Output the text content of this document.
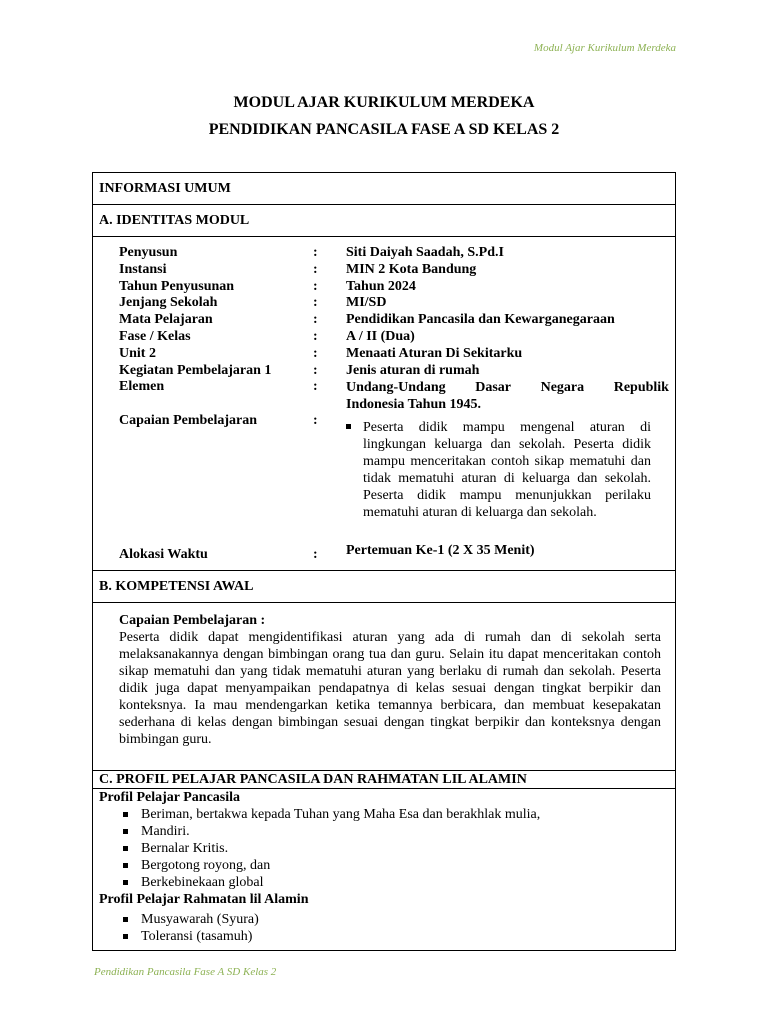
Modul Ajar Kurikulum Merdeka
MODUL AJAR KURIKULUM MERDEKA
PENDIDIKAN PANCASILA FASE A SD KELAS 2
INFORMASI UMUM
A. IDENTITAS MODUL
Penyusun	: Siti Daiyah Saadah, S.Pd.I
Instansi	: MIN 2 Kota Bandung
Tahun Penyusunan	: Tahun 2024
Jenjang Sekolah	: MI/SD
Mata Pelajaran	: Pendidikan Pancasila dan Kewarganegaraan
Fase / Kelas	: A / II (Dua)
Unit 2	: Menaati Aturan Di Sekitarku
Kegiatan Pembelajaran 1	: Jenis aturan di rumah
Elemen	: Undang-Undang Dasar Negara Republik
Indonesia Tahun 1945.
Capaian Pembelajaran	:	Peserta didik mampu mengenal aturan di lingkungan keluarga dan sekolah. Peserta didik mampu menceritakan contoh sikap mematuhi dan tidak mematuhi aturan di keluarga dan sekolah. Peserta didik mampu menunjukkan perilaku mematuhi aturan di keluarga dan sekolah.
Alokasi Waktu	: Pertemuan Ke-1 (2 X 35 Menit)
B. KOMPETENSI AWAL
Capaian Pembelajaran :
Peserta didik dapat mengidentifikasi aturan yang ada di rumah dan di sekolah serta melaksanakannya dengan bimbingan orang tua dan guru. Selain itu dapat menceritakan contoh sikap mematuhi dan yang tidak mematuhi aturan yang berlaku di rumah dan sekolah. Peserta didik juga dapat menyampaikan pendapatnya di kelas sesuai dengan tingkat berpikir dan konteksnya. Ia mau mendengarkan ketika temannya berbicara, dan membuat kesepakatan sederhana di kelas dengan bimbingan sesuai dengan tingkat berpikir dan konteksnya dengan bimbingan guru.
C. PROFIL PELAJAR PANCASILA DAN RAHMATAN LIL ALAMIN
Profil Pelajar Pancasila
Beriman, bertakwa kepada Tuhan yang Maha Esa dan berakhlak mulia,
Mandiri.
Bernalar Kritis.
Bergotong royong, dan
Berkebinekaan global
Profil Pelajar Rahmatan lil Alamin
Musyawarah (Syura)
Toleransi (tasamuh)
Pendidikan Pancasila Fase A SD Kelas 2
